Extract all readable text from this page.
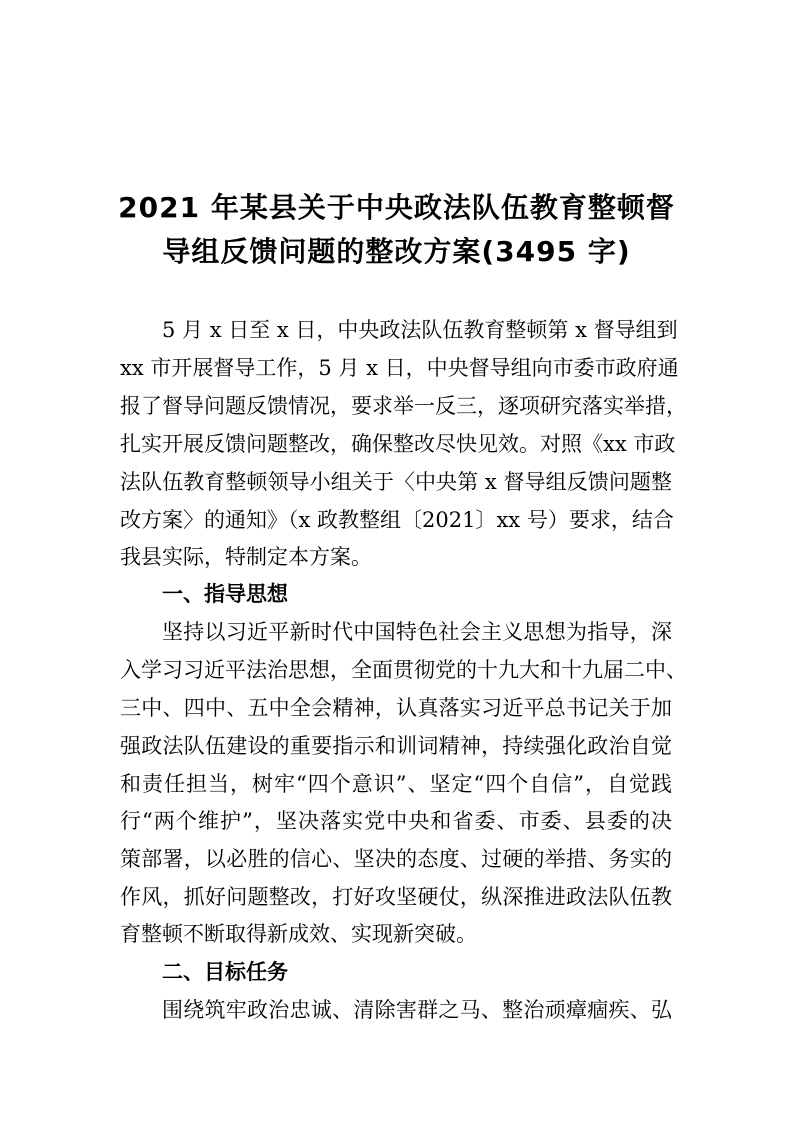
2021 年某县关于中央政法队伍教育整顿督
导组反馈问题的整改方案(3495 字)
5 月 x 日至 x 日，中央政法队伍教育整顿第 x 督导组到
xx 市开展督导工作，5 月 x 日，中央督导组向市委市政府通
报了督导问题反馈情况，要求举一反三，逐项研究落实举措，
扎实开展反馈问题整改，确保整改尽快见效。对照《xx 市政
法队伍教育整顿领导小组关于〈中央第 x 督导组反馈问题整
改方案〉的通知》（x 政教整组〔2021〕xx 号）要求，结合
我县实际，特制定本方案。
一、指导思想
坚持以习近平新时代中国特色社会主义思想为指导，深
入学习习近平法治思想，全面贯彻党的十九大和十九届二中、
三中、四中、五中全会精神，认真落实习近平总书记关于加
强政法队伍建设的重要指示和训词精神，持续强化政治自觉
和责任担当，树牢“四个意识”、坚定“四个自信”，自觉践
行“两个维护”，坚决落实党中央和省委、市委、县委的决
策部署，以必胜的信心、坚决的态度、过硬的举措、务实的
作风，抓好问题整改，打好攻坚硬仗，纵深推进政法队伍教
育整顿不断取得新成效、实现新突破。
二、目标任务
围绕筑牢政治忠诚、清除害群之马、整治顽瘴痼疾、弘
